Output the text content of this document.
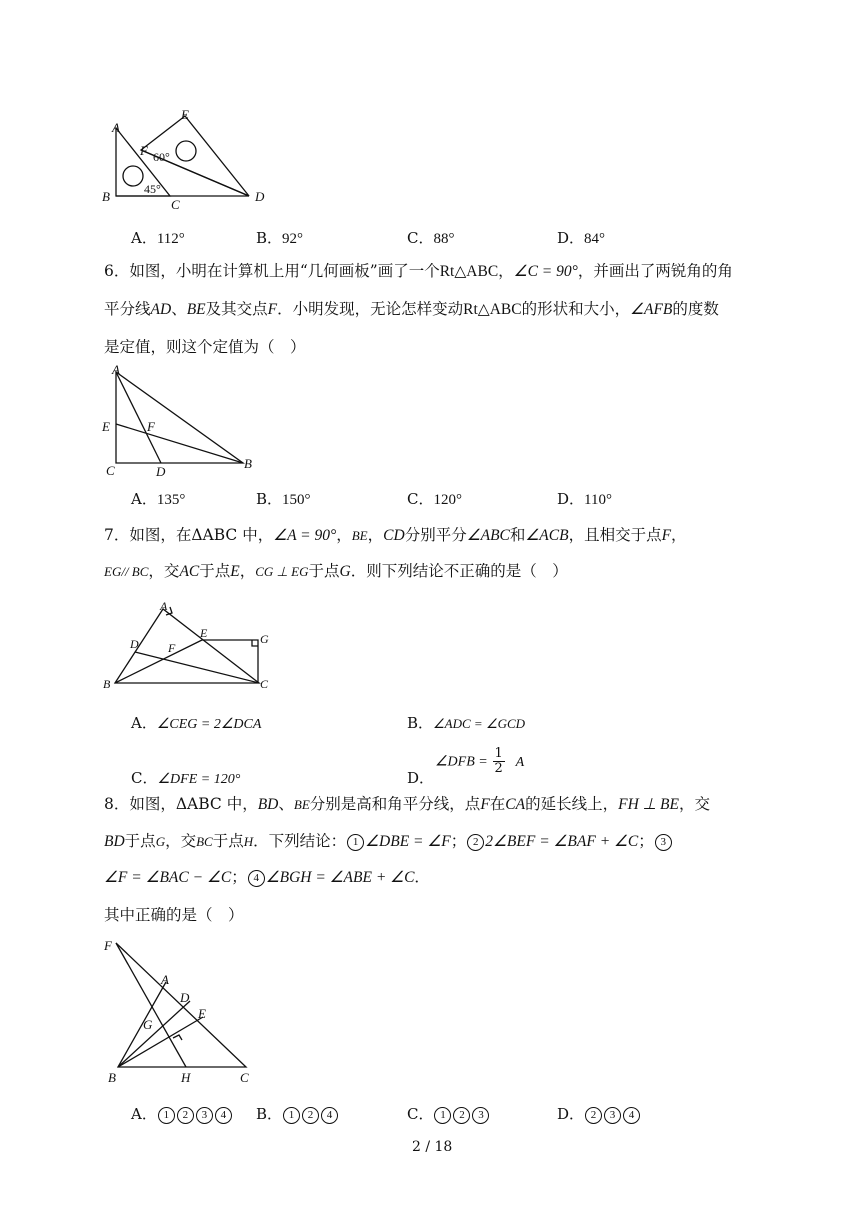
A
E
F 60°
45°
B
C
D
A．112°	B．92°	C．88°	D．84°
6．如图，小明在计算机上用“几何画板”画了一个Rt△ABC，∠C = 90°，并画出了两锐角的角
平分线AD、BE及其交点F．小明发现，无论怎样变动Rt△ABC的形状和大小，∠AFB的度数
是定值，则这个定值为（　）
A
E	F
C	D
B
A．135°	B．150°	C．120°	D．110°
7．如图，在ΔABC 中，∠A = 90°，BE，CD分别平分∠ABC和∠ACB，且相交于点F，
EG// BC，交AC于点E，CG ⊥ EG于点G．则下列结论不正确的是（　）
A
D
E	G
F
B	C
A．∠CEG = 2∠DCA	B．∠ADC = ∠GCD
C．∠DFE = 120°	D．
∠DFB = $\frac{1}{2}$ A
8．如图，ΔABC 中，BD、BE分别是高和角平分线，点F在CA的延长线上，FH ⊥ BE，交
BD于点G，交BC于点H．下列结论： 1 ∠DBE = ∠F； 2 2∠BEF = ∠BAF + ∠C； 3
∠F = ∠BAC − ∠C； 4 ∠BGH = ∠ABE + ∠C．
其中正确的是（　）
F
A
D
G
E
B	H	C
A． 1 2 3 4	B． 1 2 4	C． 1 2 3	D． 2 3 4
2 / 18
